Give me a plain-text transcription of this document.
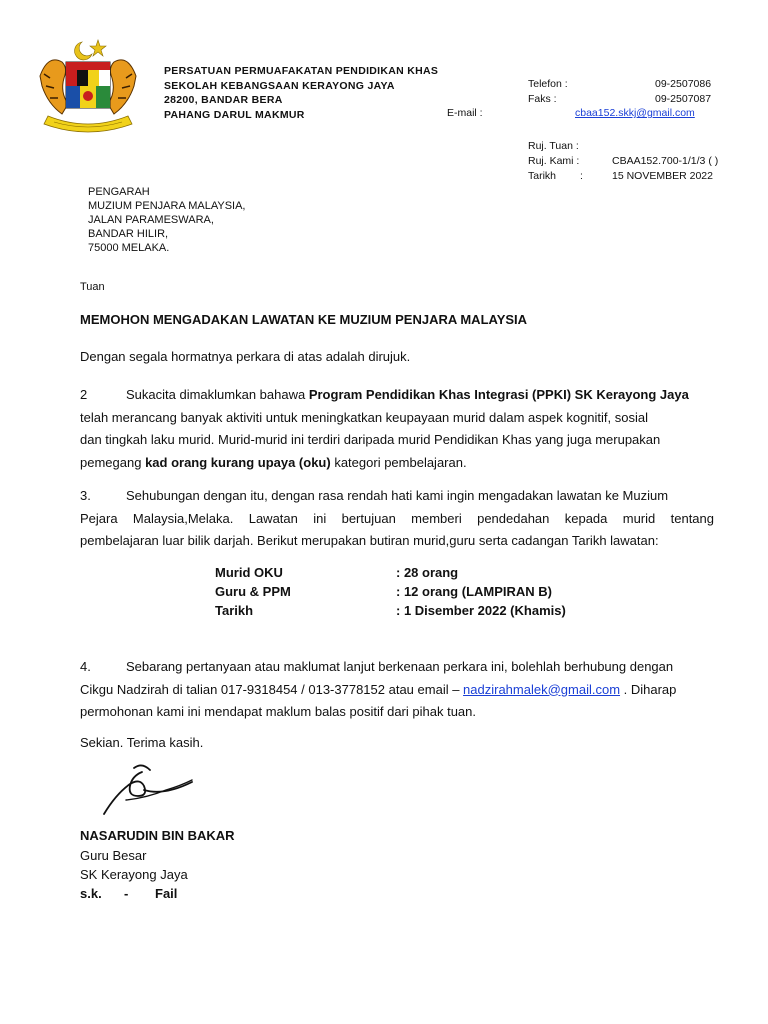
PERSATUAN PERMUAFAKATAN PENDIDIKAN KHAS
SEKOLAH KEBANGSAAN KERAYONG JAYA
28200, BANDAR BERA
PAHANG DARUL MAKMUR
Telefon :	09-2507086
Faks :	09-2507087
E-mail :	cbaa152.skkj@gmail.com
Ruj. Tuan :
Ruj. Kami :	CBAA152.700-1/1/3 ( )
Tarikh :	15 NOVEMBER 2022
PENGARAH
MUZIUM PENJARA MALAYSIA,
JALAN PARAMESWARA,
BANDAR HILIR,
75000 MELAKA.
Tuan
MEMOHON MENGADAKAN LAWATAN KE MUZIUM PENJARA MALAYSIA
Dengan segala hormatnya perkara di atas adalah dirujuk.
2	Sukacita dimaklumkan bahawa Program Pendidikan Khas Integrasi (PPKI) SK Kerayong Jaya
telah merancang banyak aktiviti untuk meningkatkan keupayaan murid dalam aspek kognitif, sosial
dan tingkah laku murid. Murid-murid ini terdiri daripada murid Pendidikan Khas yang juga merupakan
pemegang kad orang kurang upaya (oku) kategori pembelajaran.
3.	Sehubungan dengan itu, dengan rasa rendah hati kami ingin mengadakan lawatan ke Muzium
Pejara Malaysia,Melaka. Lawatan ini bertujuan memberi pendedahan kepada murid tentang
pembelajaran luar bilik darjah. Berikut merupakan butiran murid,guru serta cadangan Tarikh lawatan:
Murid OKU	: 28 orang
Guru & PPM	: 12 orang (LAMPIRAN B)
Tarikh	: 1 Disember 2022 (Khamis)
4.	Sebarang pertanyaan atau maklumat lanjut berkenaan perkara ini, bolehlah berhubung dengan
Cikgu Nadzirah di talian 017-9318454 / 013-3778152 atau email – nadzirahmalek@gmail.com . Diharap
permohonan kami ini mendapat maklum balas positif dari pihak tuan.
Sekian. Terima kasih.
NASARUDIN BIN BAKAR
Guru Besar
SK Kerayong Jaya
s.k. - Fail
